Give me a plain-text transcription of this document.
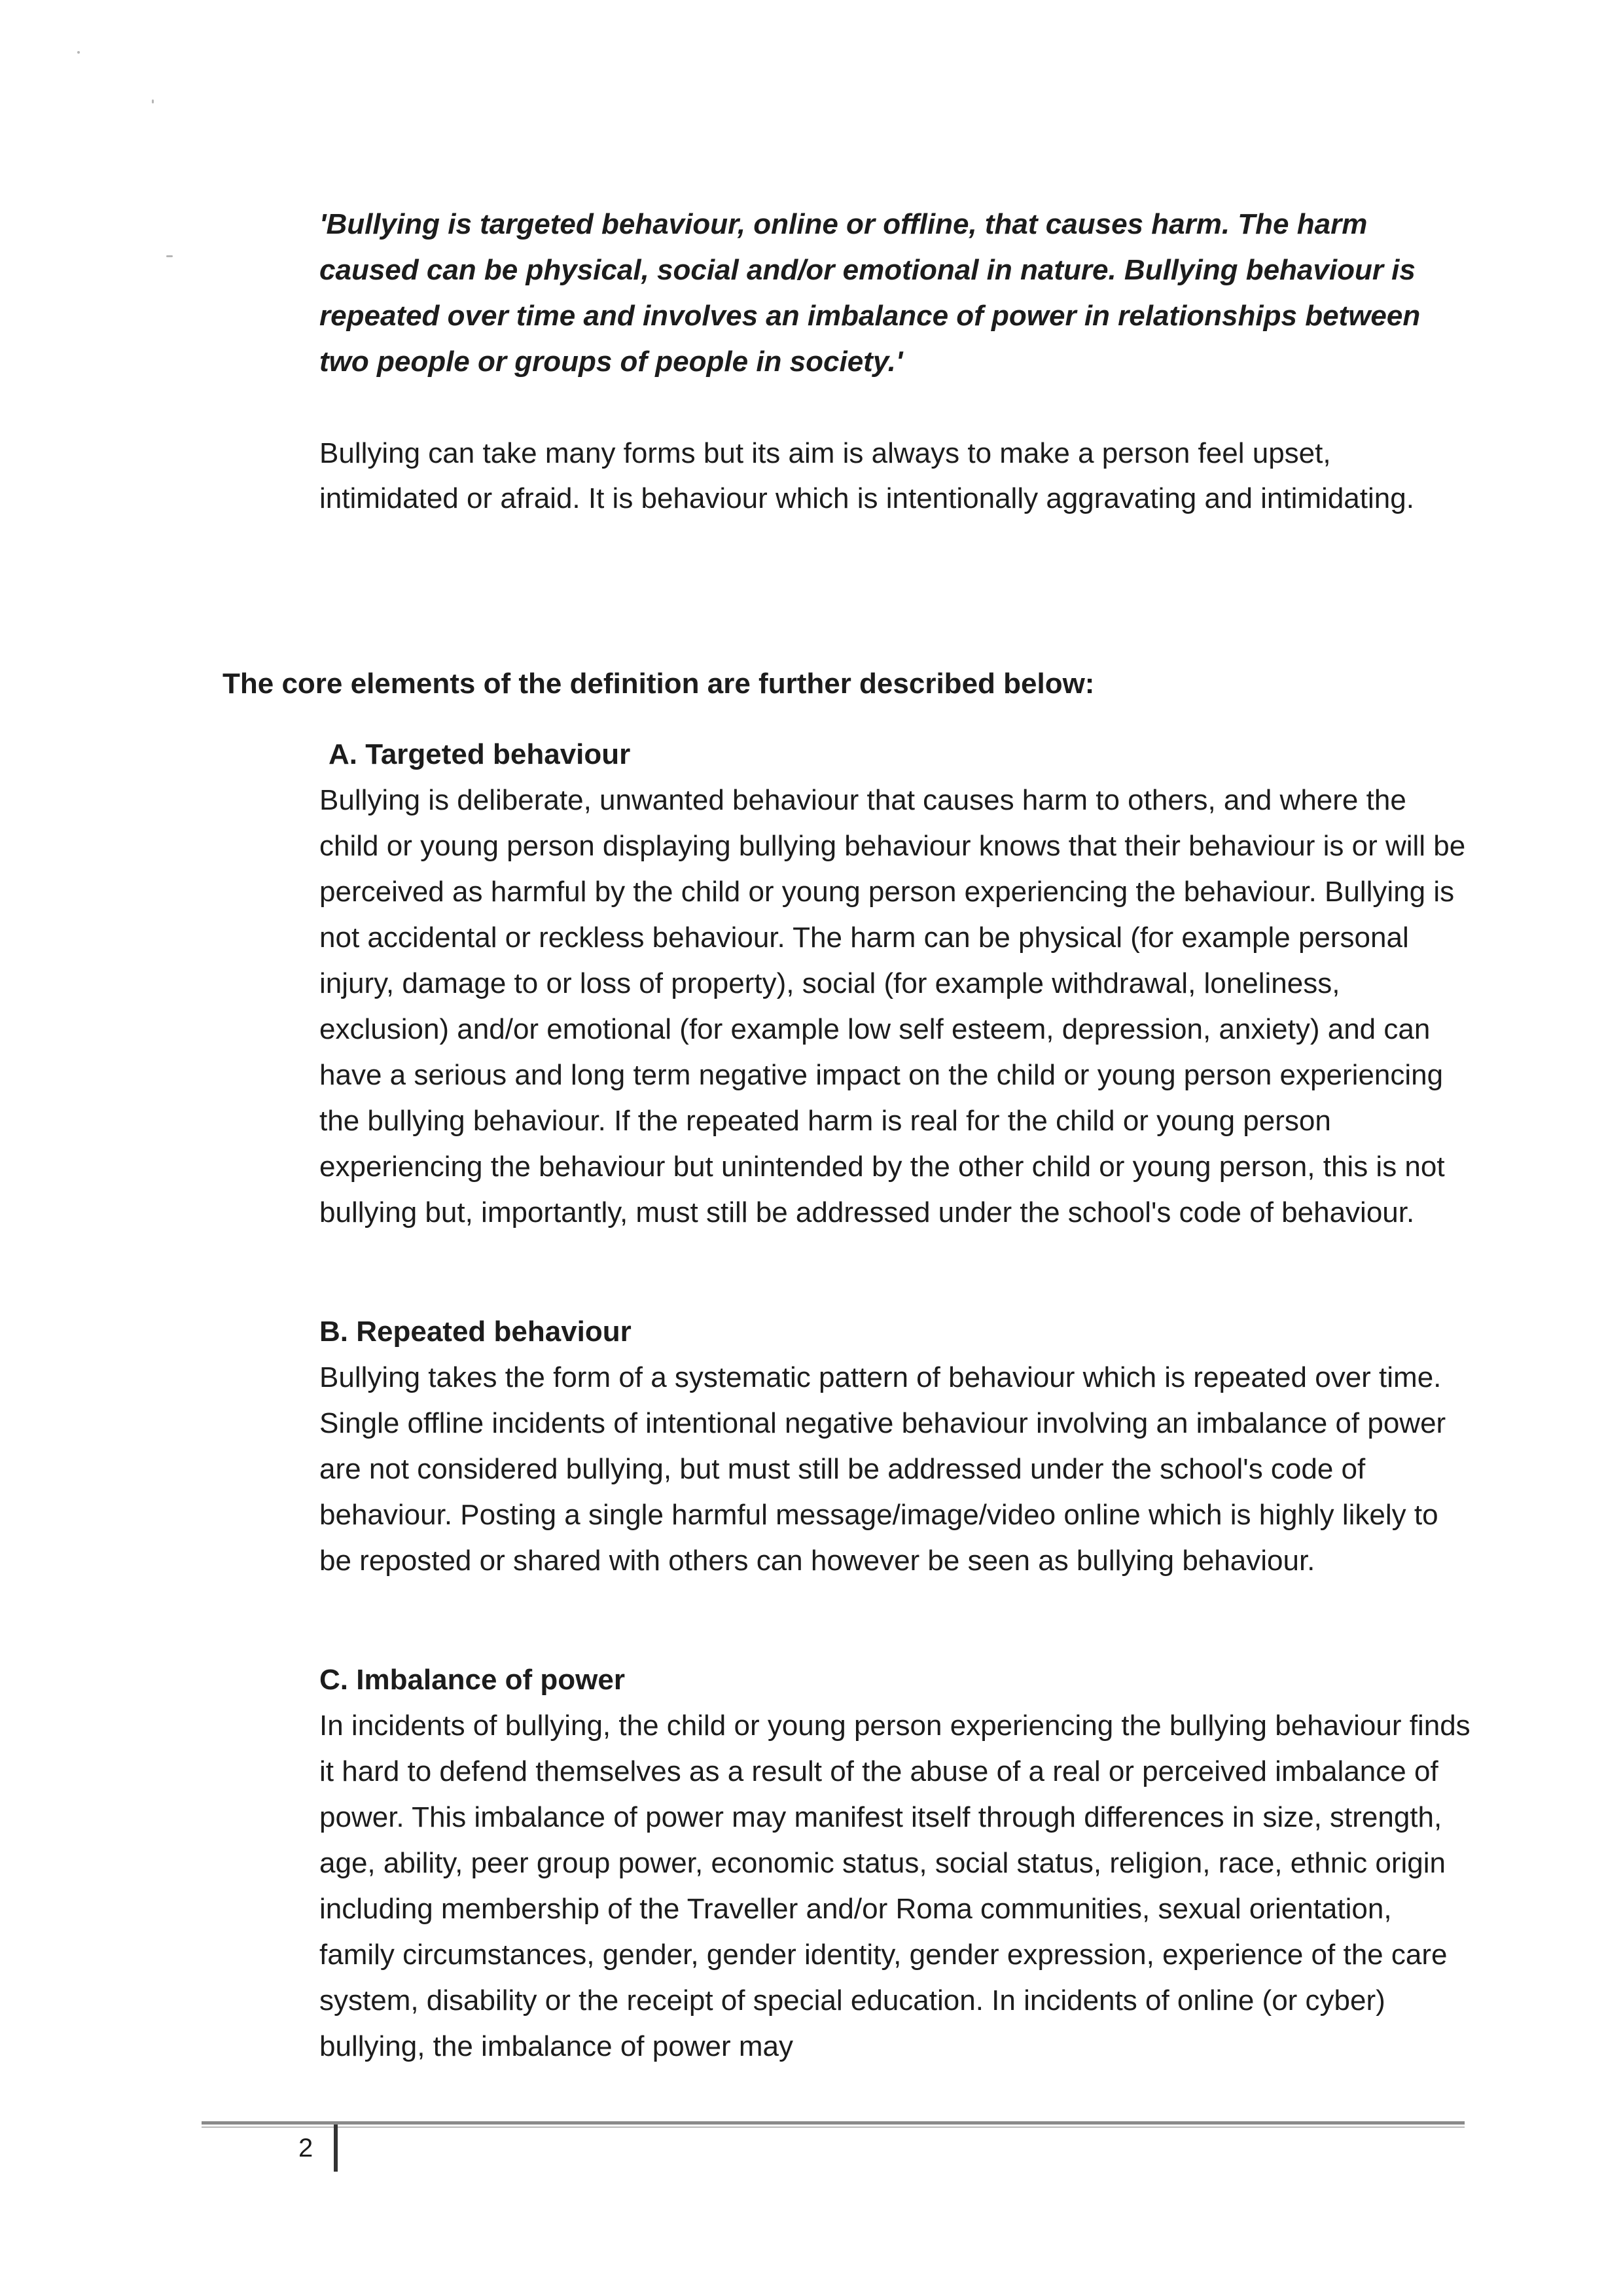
'Bullying is targeted behaviour, online or offline, that causes harm. The harm caused can be physical, social and/or emotional in nature. Bullying behaviour is repeated over time and involves an imbalance of power in relationships between two people or groups of people in society.'

Bullying can take many forms but its aim is always to make a person feel upset, intimidated or afraid. It is behaviour which is intentionally aggravating and intimidating.

The core elements of the definition are further described below:
A. Targeted behaviour

Bullying is deliberate, unwanted behaviour that causes harm to others, and where the child or young person displaying bullying behaviour knows that their behaviour is or will be perceived as harmful by the child or young person experiencing the behaviour. Bullying is not accidental or reckless behaviour. The harm can be physical (for example personal injury, damage to or loss of property), social (for example withdrawal, loneliness, exclusion) and/or emotional (for example low self esteem, depression, anxiety) and can have a serious and long term negative impact on the child or young person experiencing the bullying behaviour. If the repeated harm is real for the child or young person experiencing the behaviour but unintended by the other child or young person, this is not bullying but, importantly, must still be addressed under the school's code of behaviour.

B. Repeated behaviour

Bullying takes the form of a systematic pattern of behaviour which is repeated over time. Single offline incidents of intentional negative behaviour involving an imbalance of power are not considered bullying, but must still be addressed under the school's code of behaviour. Posting a single harmful message/image/video online which is highly likely to be reposted or shared with others can however be seen as bullying behaviour.

C. Imbalance of power

In incidents of bullying, the child or young person experiencing the bullying behaviour finds it hard to defend themselves as a result of the abuse of a real or perceived imbalance of power. This imbalance of power may manifest itself through differences in size, strength, age, ability, peer group power, economic status, social status, religion, race, ethnic origin including membership of the Traveller and/or Roma communities, sexual orientation, family circumstances, gender, gender identity, gender expression, experience of the care system, disability or the receipt of special education. In incidents of online (or cyber) bullying, the imbalance of power may

2
